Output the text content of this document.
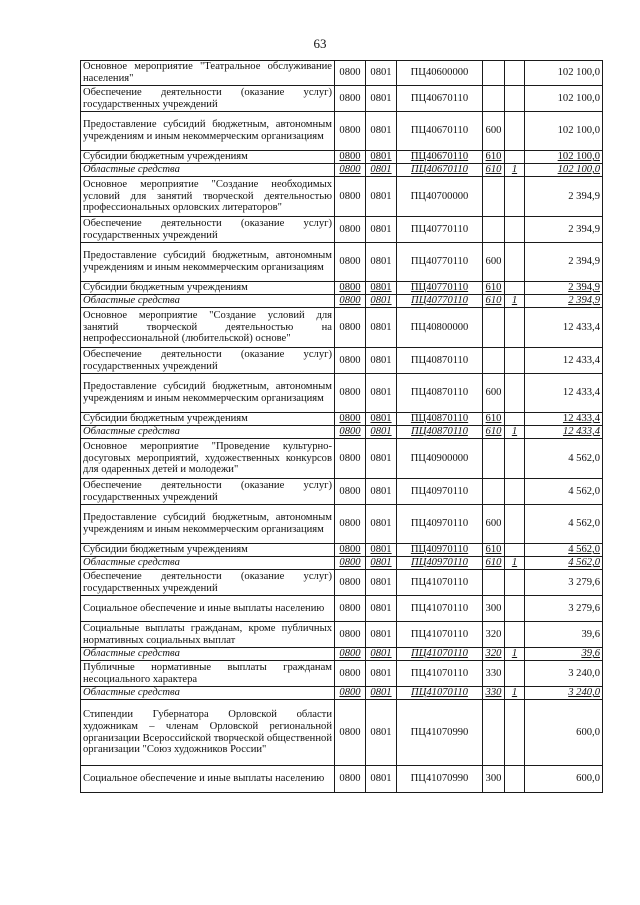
63
Основное мероприятие "Театральное обслуживание населения"	0800	0801	ПЦ40600000			102 100,0
Обеспечение деятельности (оказание услуг) государственных учреждений	0800	0801	ПЦ40670110			102 100,0
Предоставление субсидий бюджетным, автономным учреждениям и иным некоммерческим организациям	0800	0801	ПЦ40670110	600		102 100,0
Субсидии бюджетным учреждениям	0800	0801	ПЦ40670110	610		102 100,0
Областные средства	0800	0801	ПЦ40670110	610	1	102 100,0
Основное мероприятие "Создание необходимых условий для занятий творческой деятельностью профессиональных орловских литераторов"	0800	0801	ПЦ40700000			2 394,9
Обеспечение деятельности (оказание услуг) государственных учреждений	0800	0801	ПЦ40770110			2 394,9
Предоставление субсидий бюджетным, автономным учреждениям и иным некоммерческим организациям	0800	0801	ПЦ40770110	600		2 394,9
Субсидии бюджетным учреждениям	0800	0801	ПЦ40770110	610		2 394,9
Областные средства	0800	0801	ПЦ40770110	610	1	2 394,9
Основное мероприятие "Создание условий для занятий творческой деятельностью на непрофессиональной (любительской) основе"	0800	0801	ПЦ40800000			12 433,4
Обеспечение деятельности (оказание услуг) государственных учреждений	0800	0801	ПЦ40870110			12 433,4
Предоставление субсидий бюджетным, автономным учреждениям и иным некоммерческим организациям	0800	0801	ПЦ40870110	600		12 433,4
Субсидии бюджетным учреждениям	0800	0801	ПЦ40870110	610		12 433,4
Областные средства	0800	0801	ПЦ40870110	610	1	12 433,4
Основное мероприятие "Проведение культурно-досуговых мероприятий, художественных конкурсов для одаренных детей и молодежи"	0800	0801	ПЦ40900000			4 562,0
Обеспечение деятельности (оказание услуг) государственных учреждений	0800	0801	ПЦ40970110			4 562,0
Предоставление субсидий бюджетным, автономным учреждениям и иным некоммерческим организациям	0800	0801	ПЦ40970110	600		4 562,0
Субсидии бюджетным учреждениям	0800	0801	ПЦ40970110	610		4 562,0
Областные средства	0800	0801	ПЦ40970110	610	1	4 562,0
Обеспечение деятельности (оказание услуг) государственных учреждений	0800	0801	ПЦ41070110			3 279,6
Социальное обеспечение и иные выплаты населению	0800	0801	ПЦ41070110	300		3 279,6
Социальные выплаты гражданам, кроме публичных нормативных социальных выплат	0800	0801	ПЦ41070110	320		39,6
Областные средства	0800	0801	ПЦ41070110	320	1	39,6
Публичные нормативные выплаты гражданам несоциального характера	0800	0801	ПЦ41070110	330		3 240,0
Областные средства	0800	0801	ПЦ41070110	330	1	3 240,0
Стипендии Губернатора Орловской области художникам – членам Орловской региональной организации Всероссийской творческой общественной организации "Союз художников России"	0800	0801	ПЦ41070990			600,0
Социальное обеспечение и иные выплаты населению	0800	0801	ПЦ41070990	300		600,0
